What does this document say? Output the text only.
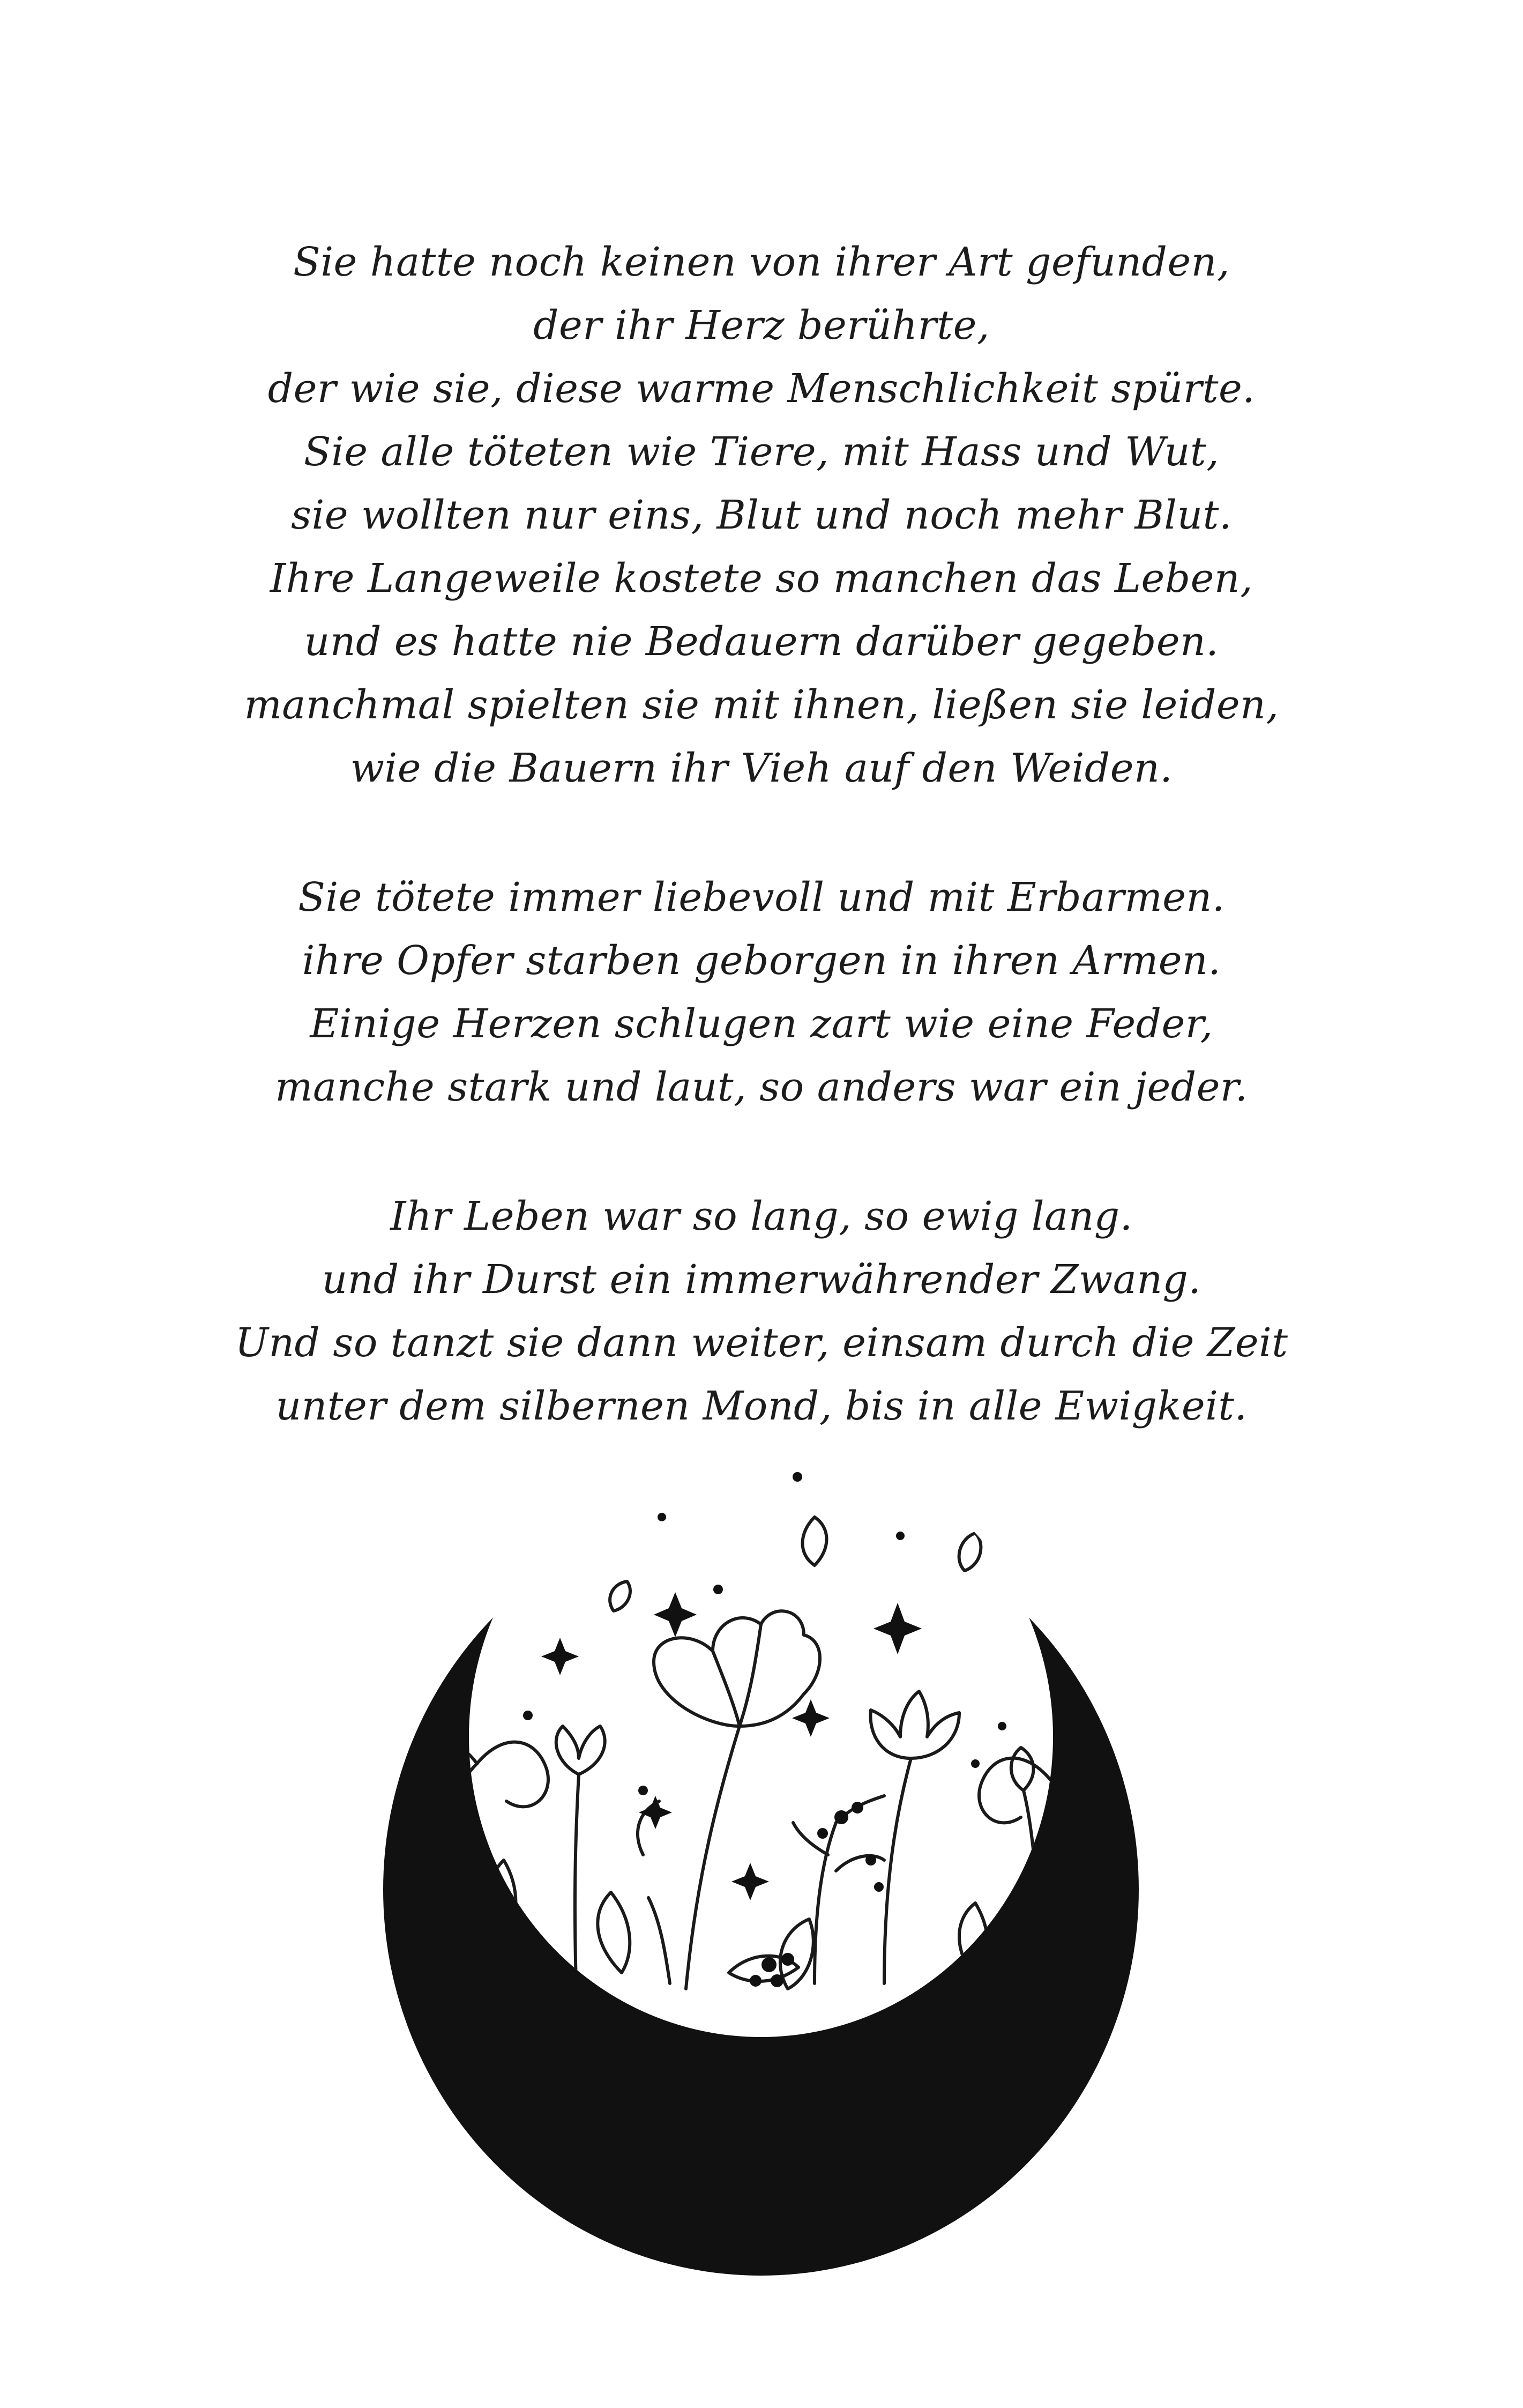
Sie hatte noch keinen von ihrer Art gefunden,
der ihr Herz berührte,
der wie sie, diese warme Menschlichkeit spürte.
Sie alle töteten wie Tiere, mit Hass und Wut,
sie wollten nur eins, Blut und noch mehr Blut.
Ihre Langeweile kostete so manchen das Leben,
und es hatte nie Bedauern darüber gegeben.
manchmal spielten sie mit ihnen, ließen sie leiden,
wie die Bauern ihr Vieh auf den Weiden.
Sie tötete immer liebevoll und mit Erbarmen.
ihre Opfer starben geborgen in ihren Armen.
Einige Herzen schlugen zart wie eine Feder,
manche stark und laut, so anders war ein jeder.
Ihr Leben war so lang, so ewig lang.
und ihr Durst ein immerwährender Zwang.
Und so tanzt sie dann weiter, einsam durch die Zeit
unter dem silbernen Mond, bis in alle Ewigkeit.
